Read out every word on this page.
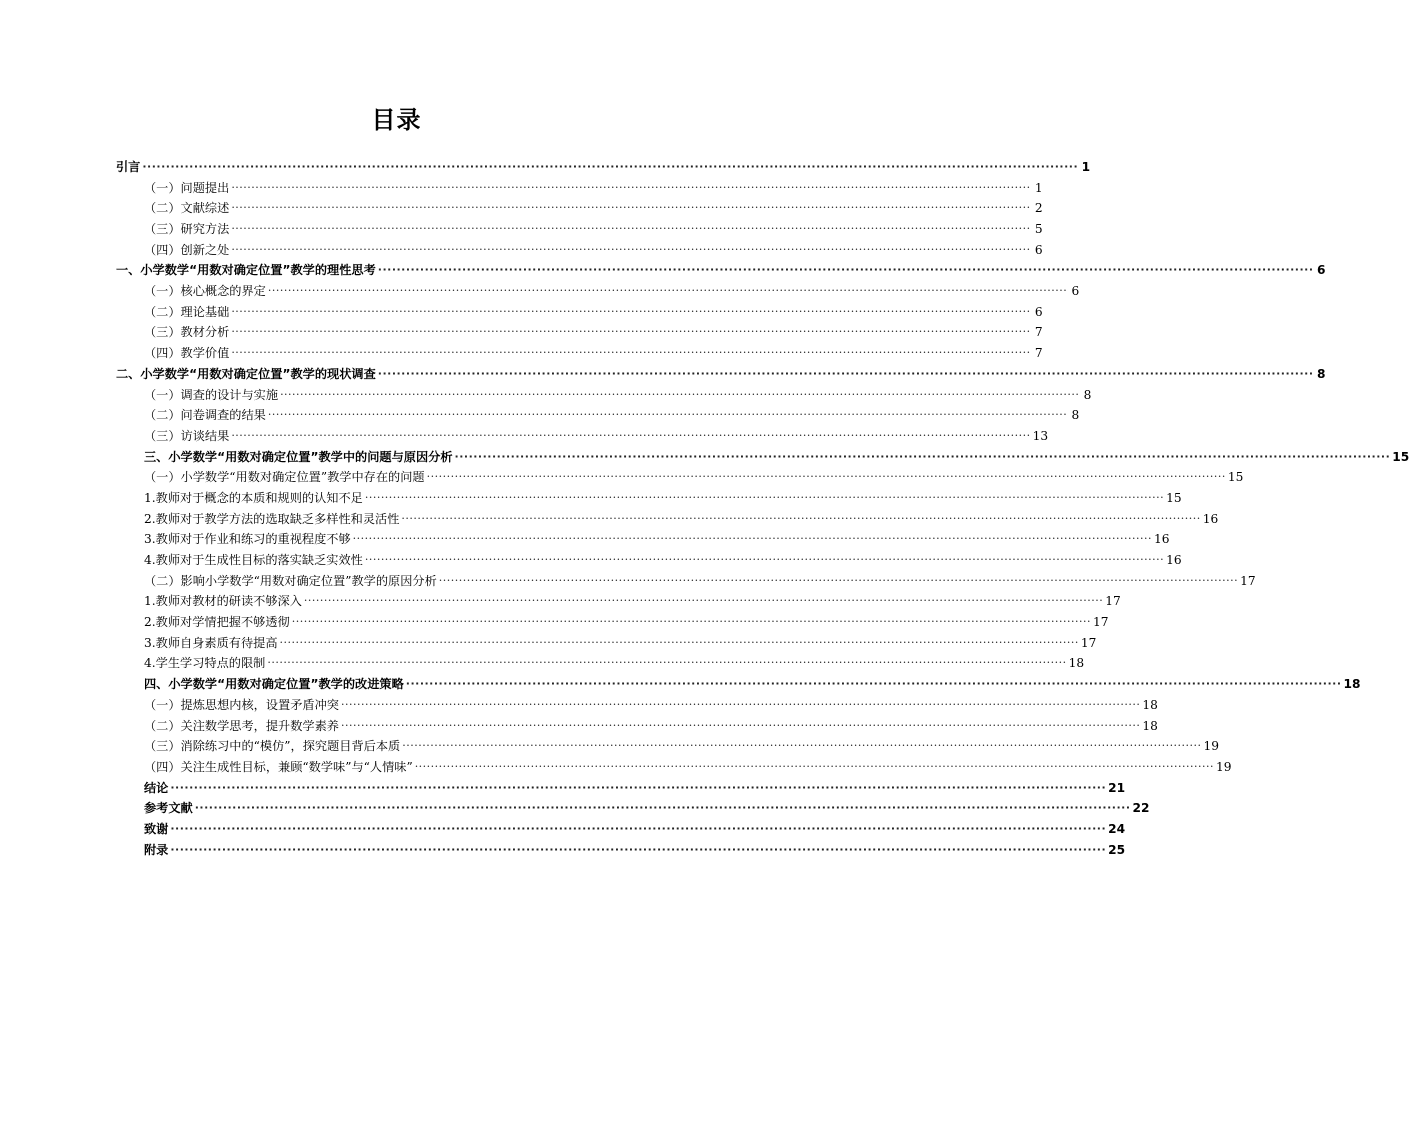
目录
引言 ········································································································································································································ 1
（一）问题提出 ········································································································································································································ 1
（二）文献综述 ········································································································································································································ 2
（三）研究方法 ········································································································································································································ 5
（四）创新之处 ········································································································································································································ 6
一、小学数学“用数对确定位置”教学的理性思考 ········································································································································································································ 6
（一）核心概念的界定 ········································································································································································································ 6
（二）理论基础 ········································································································································································································ 6
（三）教材分析 ········································································································································································································ 7
（四）教学价值 ········································································································································································································ 7
二、小学数学“用数对确定位置”教学的现状调查 ········································································································································································································ 8
（一）调查的设计与实施 ········································································································································································································ 8
（二）问卷调查的结果 ········································································································································································································ 8
（三）访谈结果 ········································································································································································································ 13
三、小学数学“用数对确定位置”教学中的问题与原因分析 ········································································································································································································ 15
（一）小学数学“用数对确定位置”教学中存在的问题 ········································································································································································································ 15
1.教师对于概念的本质和规则的认知不足 ········································································································································································································ 15
2.教师对于教学方法的选取缺乏多样性和灵活性 ········································································································································································································ 16
3.教师对于作业和练习的重视程度不够 ········································································································································································································ 16
4.教师对于生成性目标的落实缺乏实效性 ········································································································································································································ 16
（二）影响小学数学“用数对确定位置”教学的原因分析 ········································································································································································································ 17
1.教师对教材的研读不够深入 ········································································································································································································ 17
2.教师对学情把握不够透彻 ········································································································································································································ 17
3.教师自身素质有待提高 ········································································································································································································ 17
4.学生学习特点的限制 ········································································································································································································ 18
四、小学数学“用数对确定位置”教学的改进策略 ········································································································································································································ 18
（一）提炼思想内核，设置矛盾冲突 ········································································································································································································ 18
（二）关注数学思考，提升数学素养 ········································································································································································································ 18
（三）消除练习中的“模仿”，探究题目背后本质 ········································································································································································································ 19
（四）关注生成性目标，兼顾“数学味”与“人情味” ········································································································································································································ 19
结论 ········································································································································································································ 21
参考文献 ········································································································································································································ 22
致谢 ········································································································································································································ 24
附录 ········································································································································································································ 25
